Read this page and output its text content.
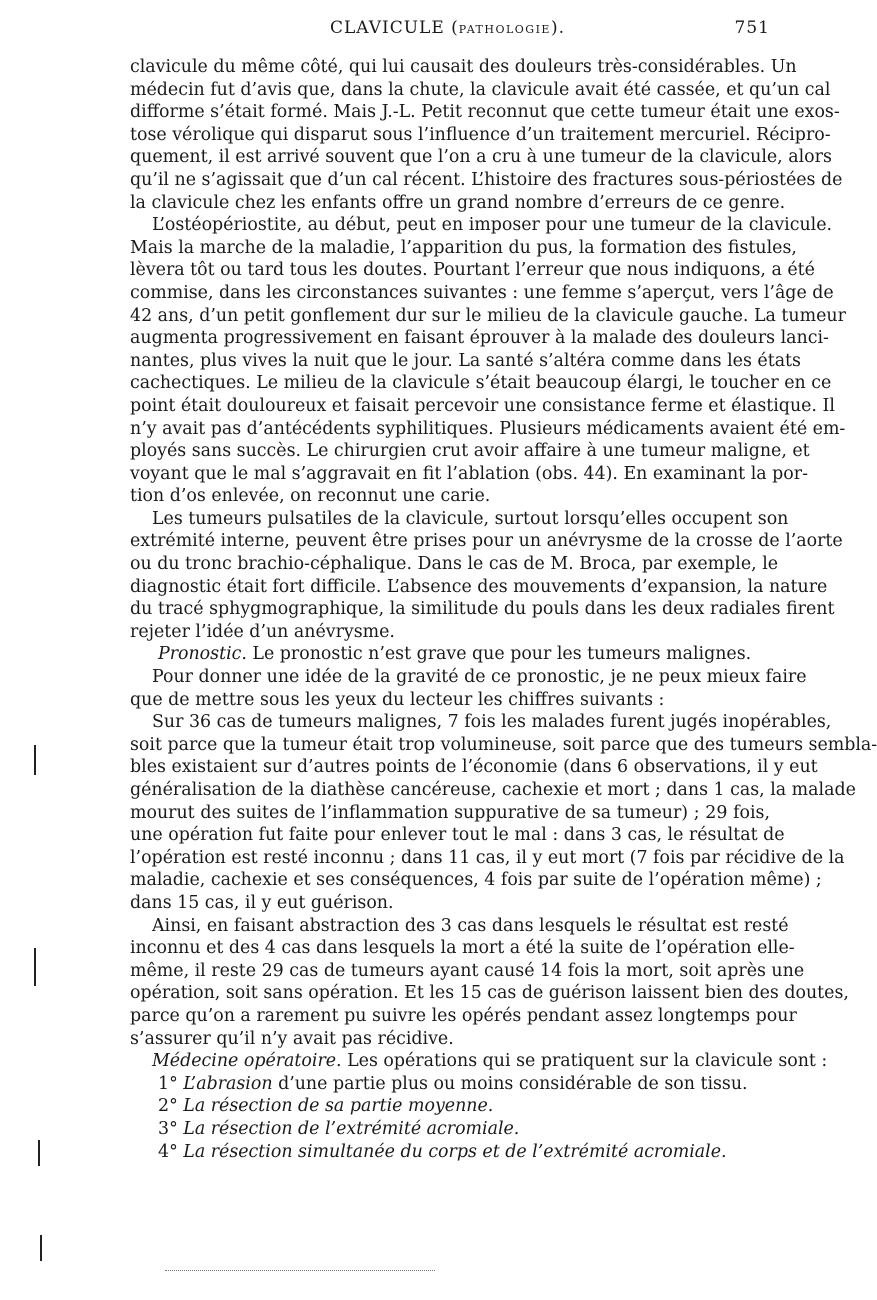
CLAVICULE (PATHOLOGIE).	751
clavicule du même côté, qui lui causait des douleurs très-considérables. Un
médecin fut d’avis que, dans la chute, la clavicule avait été cassée, et qu’un cal
difforme s’était formé. Mais J.-L. Petit reconnut que cette tumeur était une exos-
tose vérolique qui disparut sous l’influence d’un traitement mercuriel. Récipro-
quement, il est arrivé souvent que l’on a cru à une tumeur de la clavicule, alors
qu’il ne s’agissait que d’un cal récent. L’histoire des fractures sous-périostées de
la clavicule chez les enfants offre un grand nombre d’erreurs de ce genre.
L’ostéopériostite, au début, peut en imposer pour une tumeur de la clavicule.
Mais la marche de la maladie, l’apparition du pus, la formation des fistules,
lèvera tôt ou tard tous les doutes. Pourtant l’erreur que nous indiquons, a été
commise, dans les circonstances suivantes : une femme s’aperçut, vers l’âge de
42 ans, d’un petit gonflement dur sur le milieu de la clavicule gauche. La tumeur
augmenta progressivement en faisant éprouver à la malade des douleurs lanci-
nantes, plus vives la nuit que le jour. La santé s’altéra comme dans les états
cachectiques. Le milieu de la clavicule s’était beaucoup élargi, le toucher en ce
point était douloureux et faisait percevoir une consistance ferme et élastique. Il
n’y avait pas d’antécédents syphilitiques. Plusieurs médicaments avaient été em-
ployés sans succès. Le chirurgien crut avoir affaire à une tumeur maligne, et
voyant que le mal s’aggravait en fit l’ablation (obs. 44). En examinant la por-
tion d’os enlevée, on reconnut une carie.
Les tumeurs pulsatiles de la clavicule, surtout lorsqu’elles occupent son
extrémité interne, peuvent être prises pour un anévrysme de la crosse de l’aorte
ou du tronc brachio-céphalique. Dans le cas de M. Broca, par exemple, le
diagnostic était fort difficile. L’absence des mouvements d’expansion, la nature
du tracé sphygmographique, la similitude du pouls dans les deux radiales firent
rejeter l’idée d’un anévrysme.
Pronostic. Le pronostic n’est grave que pour les tumeurs malignes.
Pour donner une idée de la gravité de ce pronostic, je ne peux mieux faire
que de mettre sous les yeux du lecteur les chiffres suivants :
Sur 36 cas de tumeurs malignes, 7 fois les malades furent jugés inopérables,
soit parce que la tumeur était trop volumineuse, soit parce que des tumeurs sembla-
bles existaient sur d’autres points de l’économie (dans 6 observations, il y eut
généralisation de la diathèse cancéreuse, cachexie et mort ; dans 1 cas, la malade
mourut des suites de l’inflammation suppurative de sa tumeur) ; 29 fois,
une opération fut faite pour enlever tout le mal : dans 3 cas, le résultat de
l’opération est resté inconnu ; dans 11 cas, il y eut mort (7 fois par récidive de la
maladie, cachexie et ses conséquences, 4 fois par suite de l’opération même) ;
dans 15 cas, il y eut guérison.
Ainsi, en faisant abstraction des 3 cas dans lesquels le résultat est resté
inconnu et des 4 cas dans lesquels la mort a été la suite de l’opération elle-
même, il reste 29 cas de tumeurs ayant causé 14 fois la mort, soit après une
opération, soit sans opération. Et les 15 cas de guérison laissent bien des doutes,
parce qu’on a rarement pu suivre les opérés pendant assez longtemps pour
s’assurer qu’il n’y avait pas récidive.
Médecine opératoire. Les opérations qui se pratiquent sur la clavicule sont :
1° L’abrasion d’une partie plus ou moins considérable de son tissu.
2° La résection de sa partie moyenne.
3° La résection de l’extrémité acromiale.
4° La résection simultanée du corps et de l’extrémité acromiale.
